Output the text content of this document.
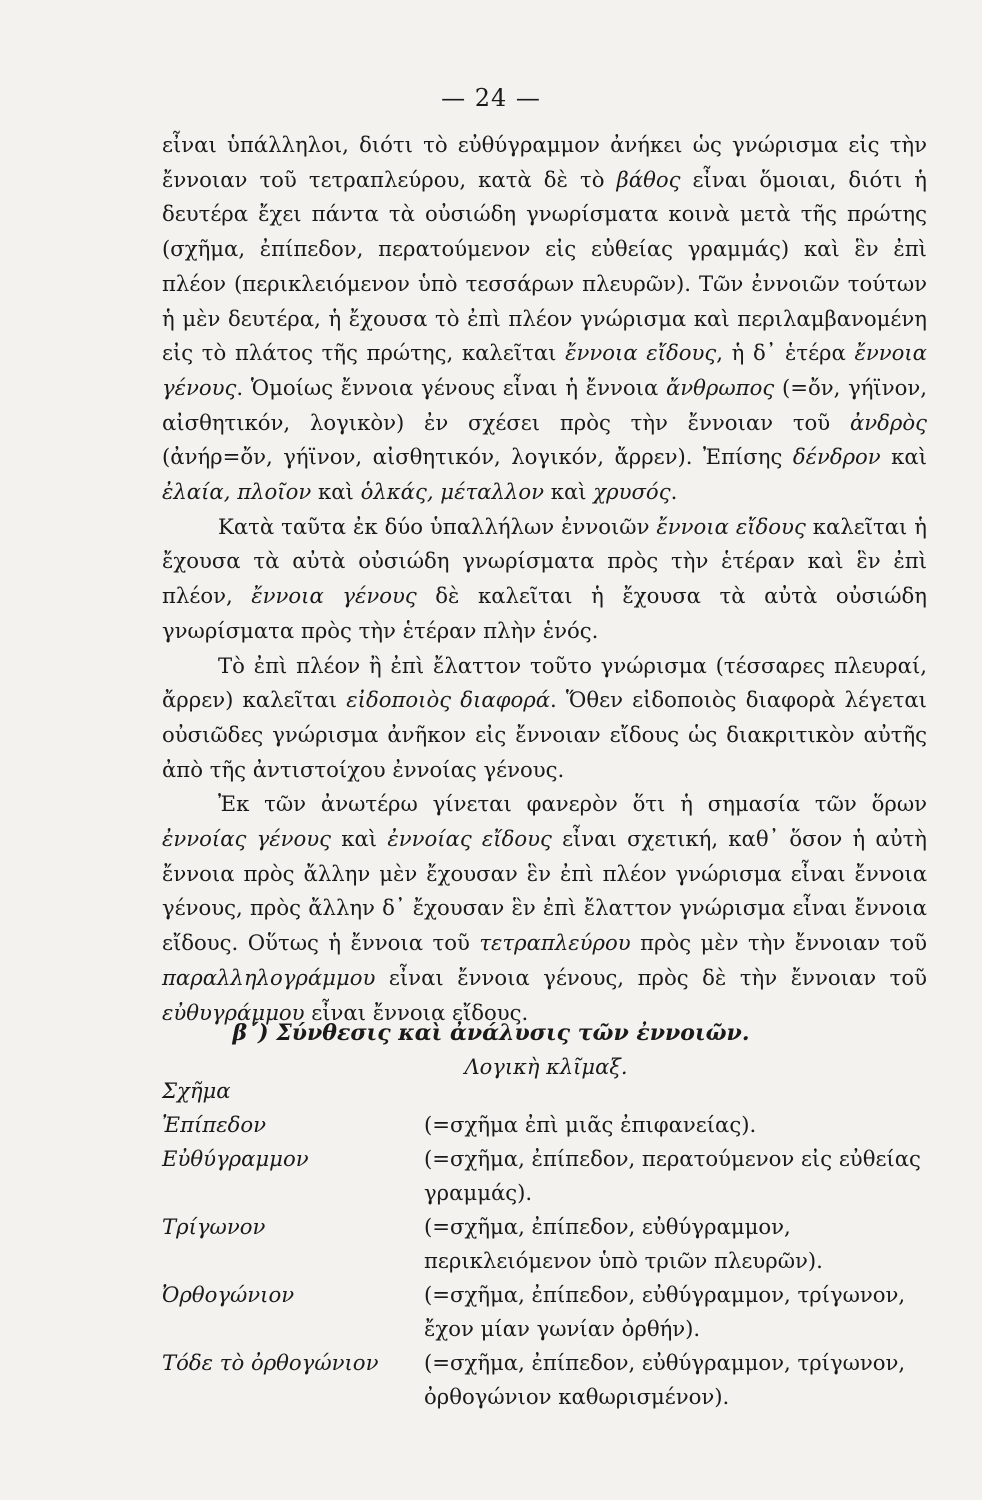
— 24 —

εἶναι ὑπάλληλοι, διότι τὸ εὐθύγραμμον ἀνήκει ὡς γνώρισμα εἰς τὴν ἔννοιαν τοῦ τετραπλεύρου, κατὰ δὲ τὸ βάθος εἶναι ὅμοιαι, διότι ἡ δευτέρα ἔχει πάντα τὰ οὐσιώδη γνωρίσματα κοινὰ μετὰ τῆς πρώτης (σχῆμα, ἐπίπεδον, περατούμενον εἰς εὐθείας γραμμάς) καὶ ἓν ἐπὶ πλέον (περικλειόμενον ὑπὸ τεσσάρων πλευρῶν). Τῶν ἐννοιῶν τούτων ἡ μὲν δευτέρα, ἡ ἔχουσα τὸ ἐπὶ πλέον γνώρισμα καὶ περιλαμβανομένη εἰς τὸ πλάτος τῆς πρώτης, καλεῖται ἔννοια εἴδους, ἡ δ᾽ ἑτέρα ἔννοια γένους. Ὁμοίως ἔννοια γένους εἶναι ἡ ἔννοια ἄνθρωπος (=ὄν, γήϊνον, αἰσθητικόν, λογικὸν) ἐν σχέσει πρὸς τὴν ἔννοιαν τοῦ ἀνδρὸς (ἀνήρ=ὄν, γήϊνον, αἰσθητικόν, λογικόν, ἄρρεν). Ἐπίσης δένδρον καὶ ἐλαία, πλοῖον καὶ ὁλκάς, μέταλλον καὶ χρυσός.

Κατὰ ταῦτα ἐκ δύο ὑπαλλήλων ἐννοιῶν ἔννοια εἴδους καλεῖται ἡ ἔχουσα τὰ αὐτὰ οὐσιώδη γνωρίσματα πρὸς τὴν ἑτέραν καὶ ἓν ἐπὶ πλέον, ἔννοια γένους δὲ καλεῖται ἡ ἔχουσα τὰ αὐτὰ οὐσιώδη γνωρίσματα πρὸς τὴν ἑτέραν πλὴν ἑνός.

Τὸ ἐπὶ πλέον ἢ ἐπὶ ἔλαττον τοῦτο γνώρισμα (τέσσαρες πλευραί, ἄρρεν) καλεῖται εἰδοποιὸς διαφορά. Ὅθεν εἰδοποιὸς διαφορὰ λέγεται οὐσιῶδες γνώρισμα ἀνῆκον εἰς ἔννοιαν εἴδους ὡς διακριτικὸν αὐτῆς ἀπὸ τῆς ἀντιστοίχου ἐννοίας γένους.

Ἐκ τῶν ἀνωτέρω γίνεται φανερὸν ὅτι ἡ σημασία τῶν ὅρων ἐννοίας γένους καὶ ἐννοίας εἴδους εἶναι σχετική, καθ᾽ ὅσον ἡ αὐτὴ ἔννοια πρὸς ἄλλην μὲν ἔχουσαν ἓν ἐπὶ πλέον γνώρισμα εἶναι ἔννοια γένους, πρὸς ἄλλην δ᾽ ἔχουσαν ἓν ἐπὶ ἔλαττον γνώρισμα εἶναι ἔννοια εἴδους. Οὕτως ἡ ἔννοια τοῦ τετραπλεύρου πρὸς μὲν τὴν ἔννοιαν τοῦ παραλληλογράμμου εἶναι ἔννοια γένους, πρὸς δὲ τὴν ἔννοιαν τοῦ εὐθυγράμμου εἶναι ἔννοια εἴδους.

β΄) Σύνθεσις καὶ ἀνάλυσις τῶν ἐννοιῶν.
Λογικὴ κλῖμαξ.
Σχῆμα
Ἐπίπεδον	(=σχῆμα ἐπὶ μιᾶς ἐπιφανείας).
Εὐθύγραμμον	(=σχῆμα, ἐπίπεδον, περατούμενον εἰς εὐθείας γραμμάς).
Τρίγωνον	(=σχῆμα, ἐπίπεδον, εὐθύγραμμον, περικλειόμενον ὑπὸ τριῶν πλευρῶν).
Ὀρθογώνιον	(=σχῆμα, ἐπίπεδον, εὐθύγραμμον, τρίγωνον, ἔχον μίαν γωνίαν ὀρθήν).
Τόδε τὸ ὀρθογώνιον	(=σχῆμα, ἐπίπεδον, εὐθύγραμμον, τρίγωνον, ὀρθογώνιον καθωρισμένον).
